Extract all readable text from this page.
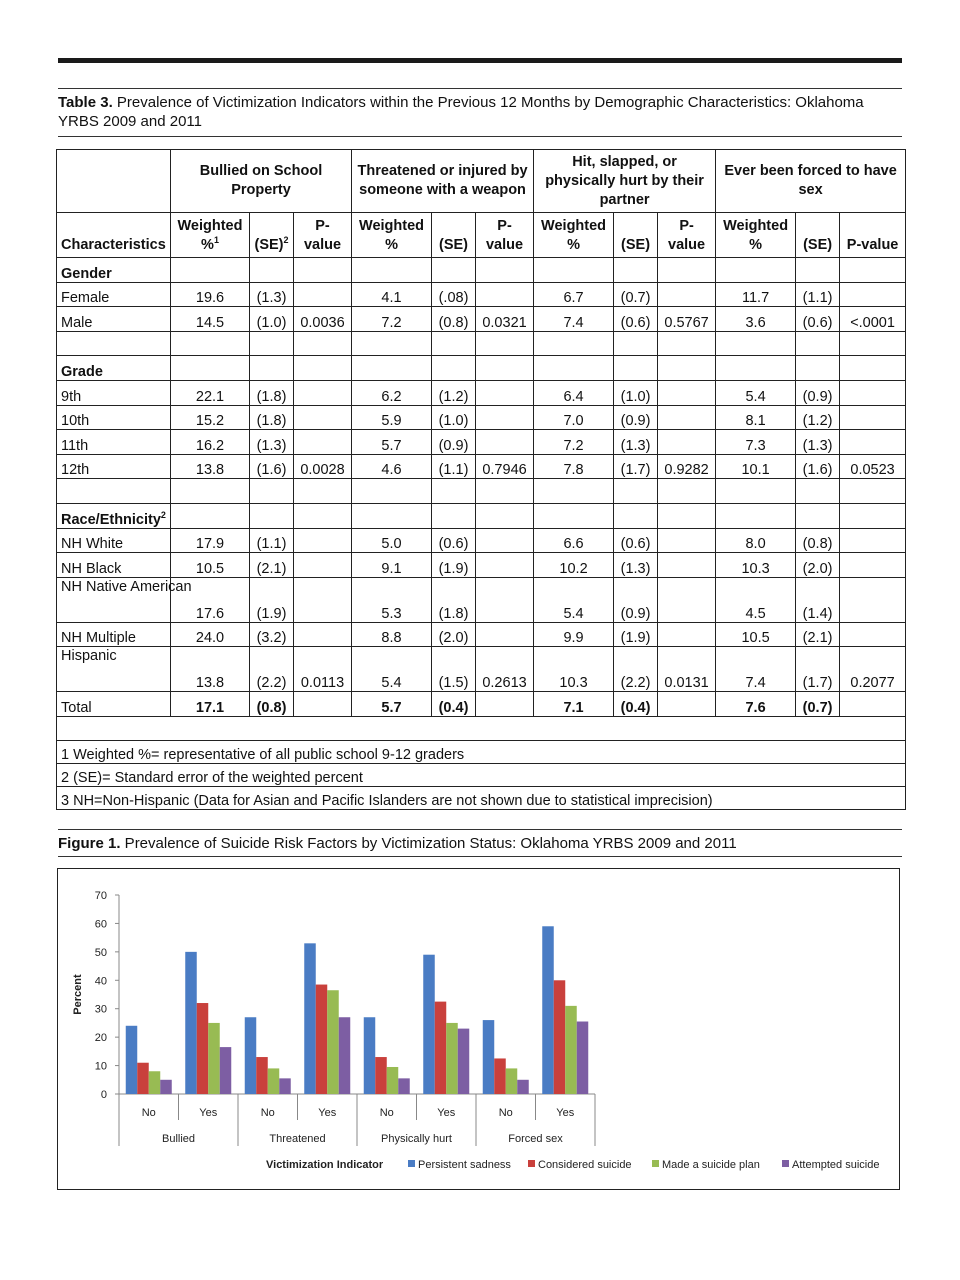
Table 3. Prevalence of Victimization Indicators within the Previous 12 Months by Demographic Characteristics: Oklahoma YRBS 2009 and 2011
	Bullied on School Property			Threatened or injured by someone with a weapon			Hit, slapped, or physically hurt by their partner			Ever been forced to have sex		
Characteristics	Weighted %$^1$	(SE)$^2$	P-value	Weighted %	(SE)	P-value	Weighted %	(SE)	P-value	Weighted %	(SE)	P-value
Gender												
Female	19.6	(1.3)		4.1	(.08)		6.7	(0.7)		11.7	(1.1)	
Male	14.5	(1.0)	0.0036	7.2	(0.8)	0.0321	7.4	(0.6)	0.5767	3.6	(0.6)	<.0001

Grade												
9th	22.1	(1.8)		6.2	(1.2)		6.4	(1.0)		5.4	(0.9)	
10th	15.2	(1.8)		5.9	(1.0)		7.0	(0.9)		8.1	(1.2)	
11th	16.2	(1.3)		5.7	(0.9)		7.2	(1.3)		7.3	(1.3)	
12th	13.8	(1.6)	0.0028	4.6	(1.1)	0.7946	7.8	(1.7)	0.9282	10.1	(1.6)	0.0523

Race/Ethnicity$^2$												
NH White	17.9	(1.1)		5.0	(0.6)		6.6	(0.6)		8.0	(0.8)	
NH Black	10.5	(2.1)		9.1	(1.9)		10.2	(1.3)		10.3	(2.0)	
NH Native American	17.6	(1.9)		5.3	(1.8)		5.4	(0.9)		4.5	(1.4)	
NH Multiple	24.0	(3.2)		8.8	(2.0)		9.9	(1.9)		10.5	(2.1)	
Hispanic	13.8	(2.2)	0.0113	5.4	(1.5)	0.2613	10.3	(2.2)	0.0131	7.4	(1.7)	0.2077
Total	17.1	(0.8)		5.7	(0.4)		7.1	(0.4)		7.6	(0.7)	

1 Weighted %= representative of all public school 9-12 graders												
2 (SE)= Standard error of the weighted percent												
3 NH=Non-Hispanic (Data for Asian and Pacific Islanders are not shown due to statistical imprecision)												
Figure 1. Prevalence of Suicide Risk Factors by Victimization Status: Oklahoma YRBS 2009 and 2011
0
10
20
30
40
50
60
70
Percent
No	Yes	No	Yes	No	Yes	No	Yes
Bullied	Threatened	Physically hurt	Forced sex
Victimization Indicator	Persistent sadness Considered suicide	Made a suicide plan	Attempted suicide
